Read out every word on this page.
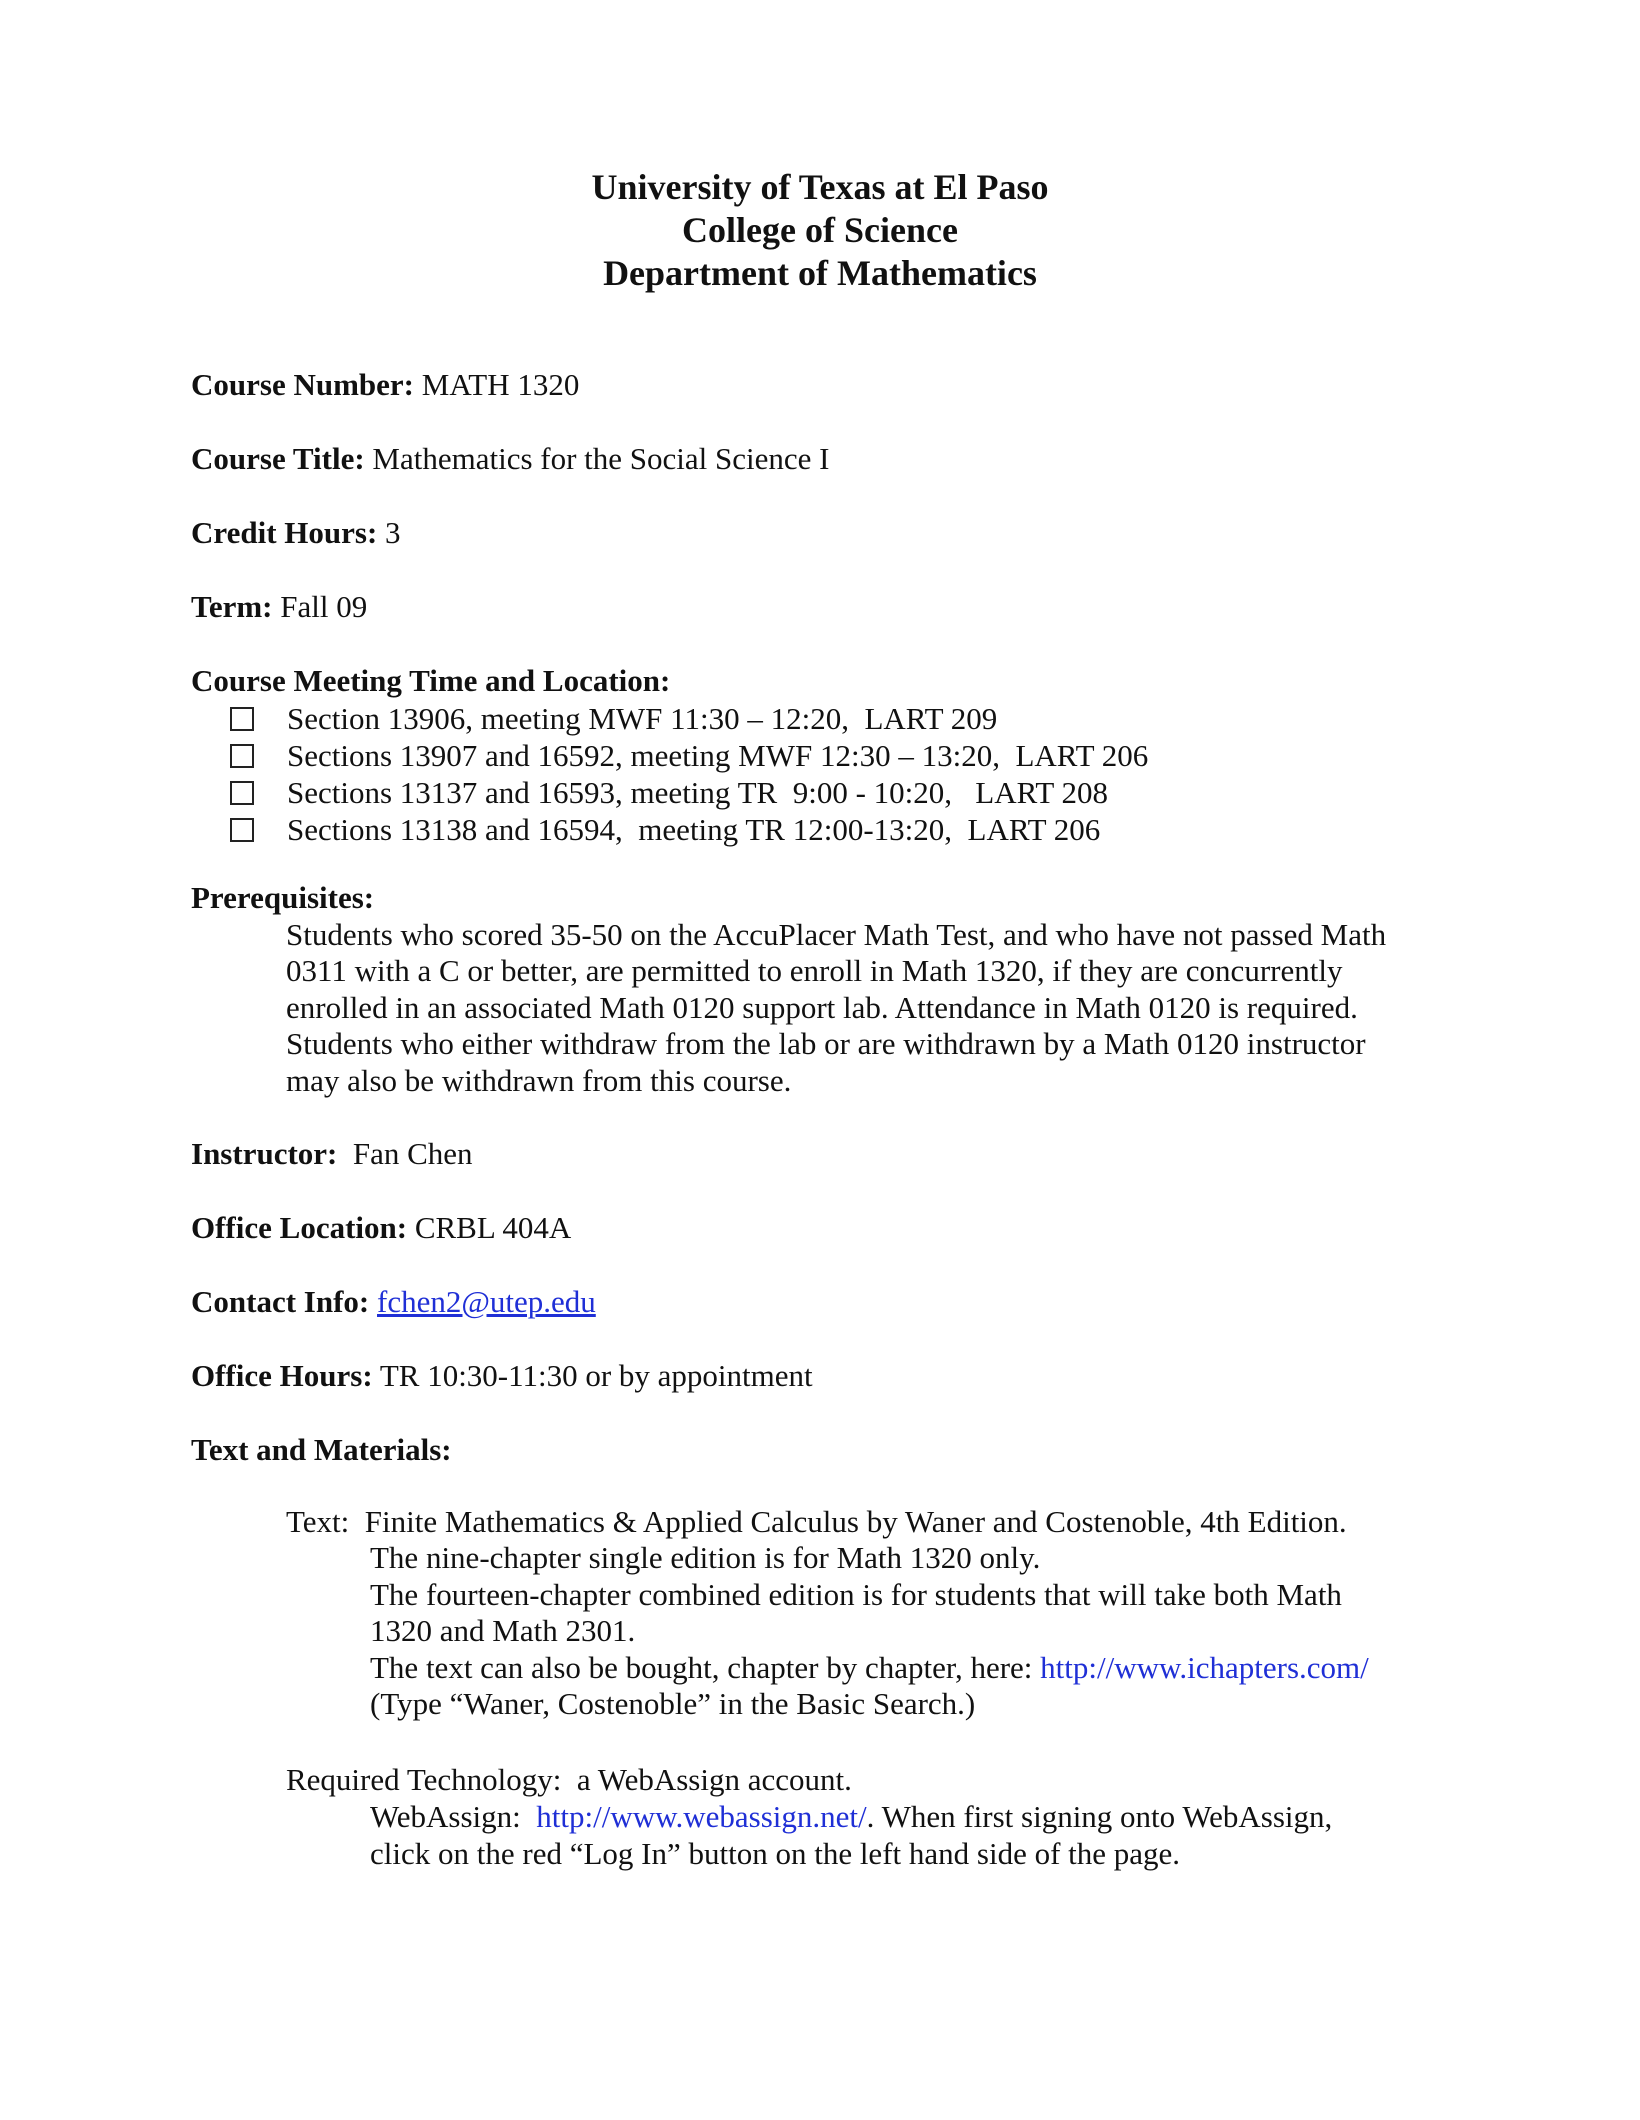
University of Texas at El Paso
College of Science
Department of Mathematics
Course Number: MATH 1320
Course Title: Mathematics for the Social Science I
Credit Hours: 3
Term: Fall 09
Course Meeting Time and Location:
Section 13906, meeting MWF 11:30 – 12:20,  LART 209
Sections 13907 and 16592, meeting MWF 12:30 – 13:20,  LART 206
Sections 13137 and 16593, meeting TR  9:00 - 10:20,   LART 208
Sections 13138 and 16594,  meeting TR 12:00-13:20,  LART 206
Prerequisites:
Students who scored 35-50 on the AccuPlacer Math Test, and who have not passed Math
0311 with a C or better, are permitted to enroll in Math 1320, if they are concurrently
enrolled in an associated Math 0120 support lab. Attendance in Math 0120 is required.
Students who either withdraw from the lab or are withdrawn by a Math 0120 instructor
may also be withdrawn from this course.
Instructor:  Fan Chen
Office Location: CRBL 404A
Contact Info: fchen2@utep.edu
Office Hours: TR 10:30-11:30 or by appointment
Text and Materials:
Text:  Finite Mathematics & Applied Calculus by Waner and Costenoble, 4th Edition.
The nine-chapter single edition is for Math 1320 only.
The fourteen-chapter combined edition is for students that will take both Math
1320 and Math 2301.
The text can also be bought, chapter by chapter, here: http://www.ichapters.com/
(Type “Waner, Costenoble” in the Basic Search.)
Required Technology:  a WebAssign account.
WebAssign:  http://www.webassign.net/. When first signing onto WebAssign,
click on the red “Log In” button on the left hand side of the page.
